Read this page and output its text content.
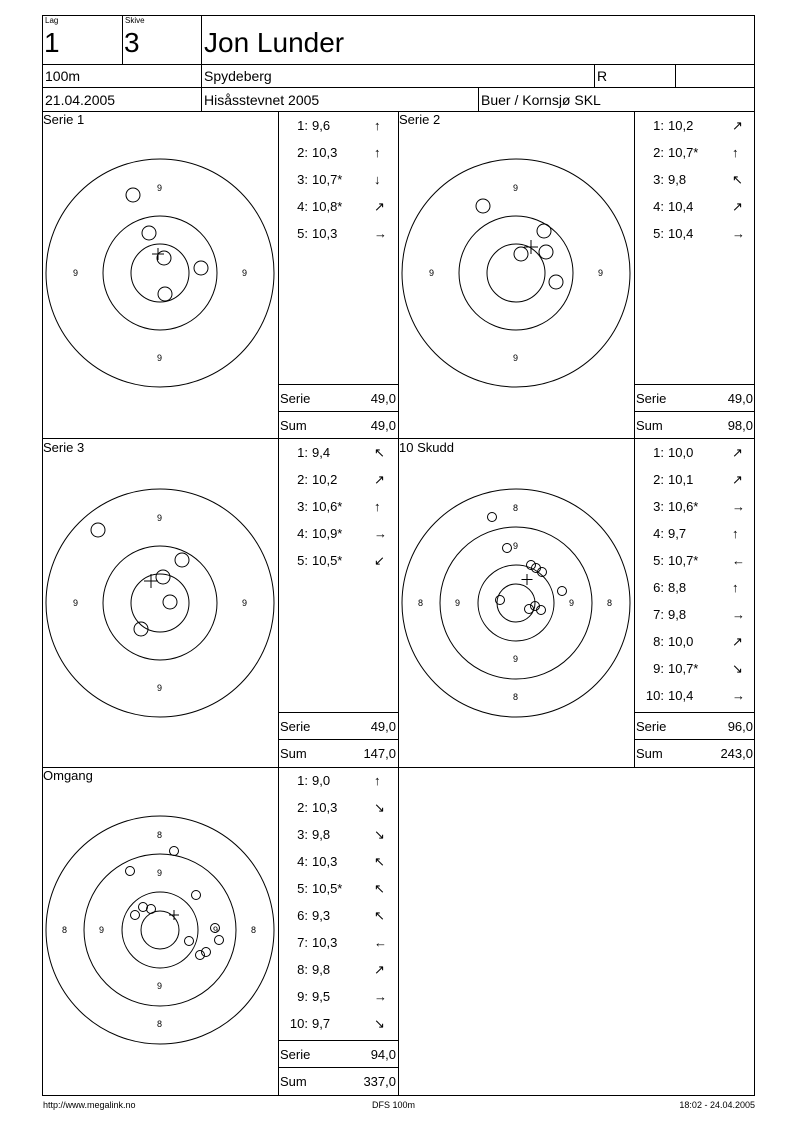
Lag
1
Skive
3 Jon Lunder
100m	Spydeberg	R
21.04.2005	Hisåsstevnet 2005	Buer / Kornsjø SKL
Serie 1
9
9
9	9
1: 9,6	↑
2: 10,3	↑
3: 10,7* ↓
4: 10,8* ↗
5: 10,3	→
Serie	49,0
Sum	49,0
Serie 2
9
9
9	9
1: 10,2	↗
2: 10,7*	↑
3: 9,8	↖
4: 10,4	↗
5: 10,4	→
Serie	49,0
Sum	98,0
Serie 3
9
9
9	9
1: 9,4	↖
2: 10,2	↗
3: 10,6* ↑
4: 10,9* →
5: 10,5* ↙
Serie	49,0
Sum	147,0
10 Skudd
8
8
8	8
9
9
9	9
1: 10,0	↗
2: 10,1	↗
3: 10,6*	→
4: 9,7	↑
5: 10,7*	←
6: 8,8	↑
7: 9,8	→
8: 10,0	↗
9: 10,7*	↘
10: 10,4	→
Serie	96,0
Sum	243,0
Omgang
8
8
8	8
9
9
9	9
1: 9,0	↑
2: 10,3	↘
3: 9,8	↘
4: 10,3	↖
5: 10,5* ↖
6: 9,3	↖
7: 10,3	←
8: 9,8	↗
9: 9,5	→
10: 9,7	↘
Serie	94,0
Sum	337,0
http://www.megalink.no	DFS 100m	18:02 - 24.04.2005
